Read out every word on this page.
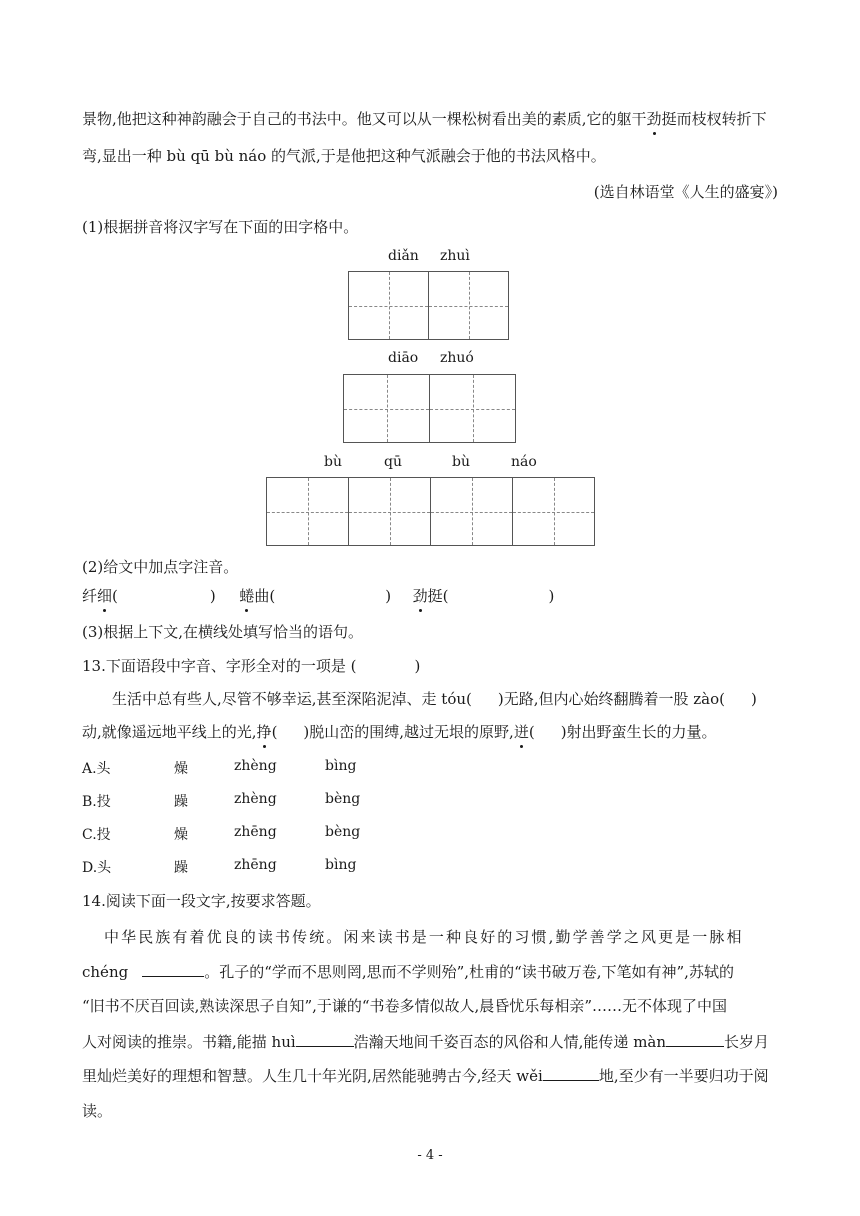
景物,他把这种神韵融会于自己的书法中。他又可以从一棵松树看出美的素质,它的躯干劲挺而枝杈转折下
弯,显出一种 bù qū bù náo 的气派,于是他把这种气派融会于他的书法风格中。
(选自林语堂《人生的盛宴》)
(1)根据拼音将汉字写在下面的田字格中。
diǎn zhuì
diāo zhuó
bù	qū	bù	náo
(2)给文中加点字注音。
纤细(	) 蜷曲(	) 劲挺(	)
(3)根据上下文,在横线处填写恰当的语句。
13.下面语段中字音、字形全对的一项是 (	)
生活中总有些人,尽管不够幸运,甚至深陷泥淖、走 tóu( )无路,但内心始终翻腾着一股 zào( )
动,就像遥远地平线上的光,挣( )脱山峦的围缚,越过无垠的原野,迸( )射出野蛮生长的力量。
A.头	燥	zhèng	bìng
B.投	躁	zhèng	bèng
C.投	燥	zhēng	bèng
D.头	躁	zhēng	bìng
14.阅读下面一段文字,按要求答题。
中华民族有着优良的读书传统。闲来读书是一种良好的习惯,勤学善学之风更是一脉相
chéng	。孔子的“学而不思则罔,思而不学则殆”,杜甫的“读书破万卷,下笔如有神”,苏轼的
“旧书不厌百回读,熟读深思子自知”,于谦的“书卷多情似故人,晨昏忧乐每相亲”……无不体现了中国
人对阅读的推崇。书籍,能描 huì	浩瀚天地间千姿百态的风俗和人情,能传递 màn	长岁月
里灿烂美好的理想和智慧。人生几十年光阴,居然能驰骋古今,经天 wěi	地,至少有一半要归功于阅
读。
- 4 -
